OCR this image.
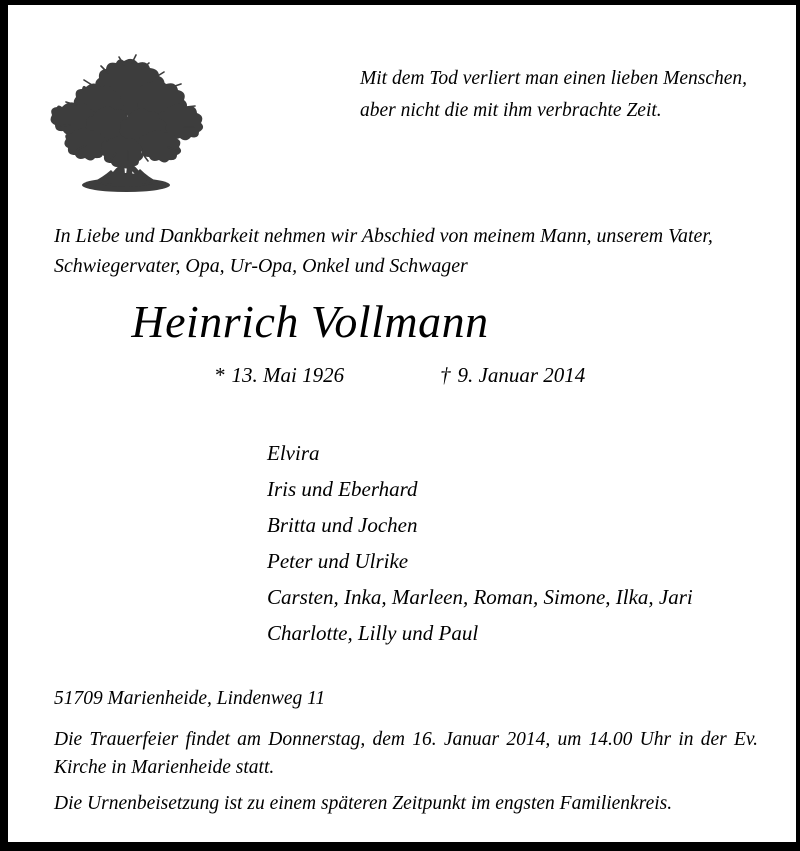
Mit dem Tod verliert man einen lieben Menschen,
aber nicht die mit ihm verbrachte Zeit.
In Liebe und Dankbarkeit nehmen wir Abschied von meinem Mann, unserem Vater, Schwiegervater, Opa, Ur-Opa, Onkel und Schwager
Heinrich Vollmann
* 13. Mai 1926	† 9. Januar 2014
Elvira
Iris und Eberhard
Britta und Jochen
Peter und Ulrike
Carsten, Inka, Marleen, Roman, Simone, Ilka, Jari
Charlotte, Lilly und Paul
51709 Marienheide, Lindenweg 11
Die Trauerfeier findet am Donnerstag, dem 16. Januar 2014, um 14.00 Uhr in der Ev. Kirche in Marienheide statt.
Die Urnenbeisetzung ist zu einem späteren Zeitpunkt im engsten Familienkreis.
